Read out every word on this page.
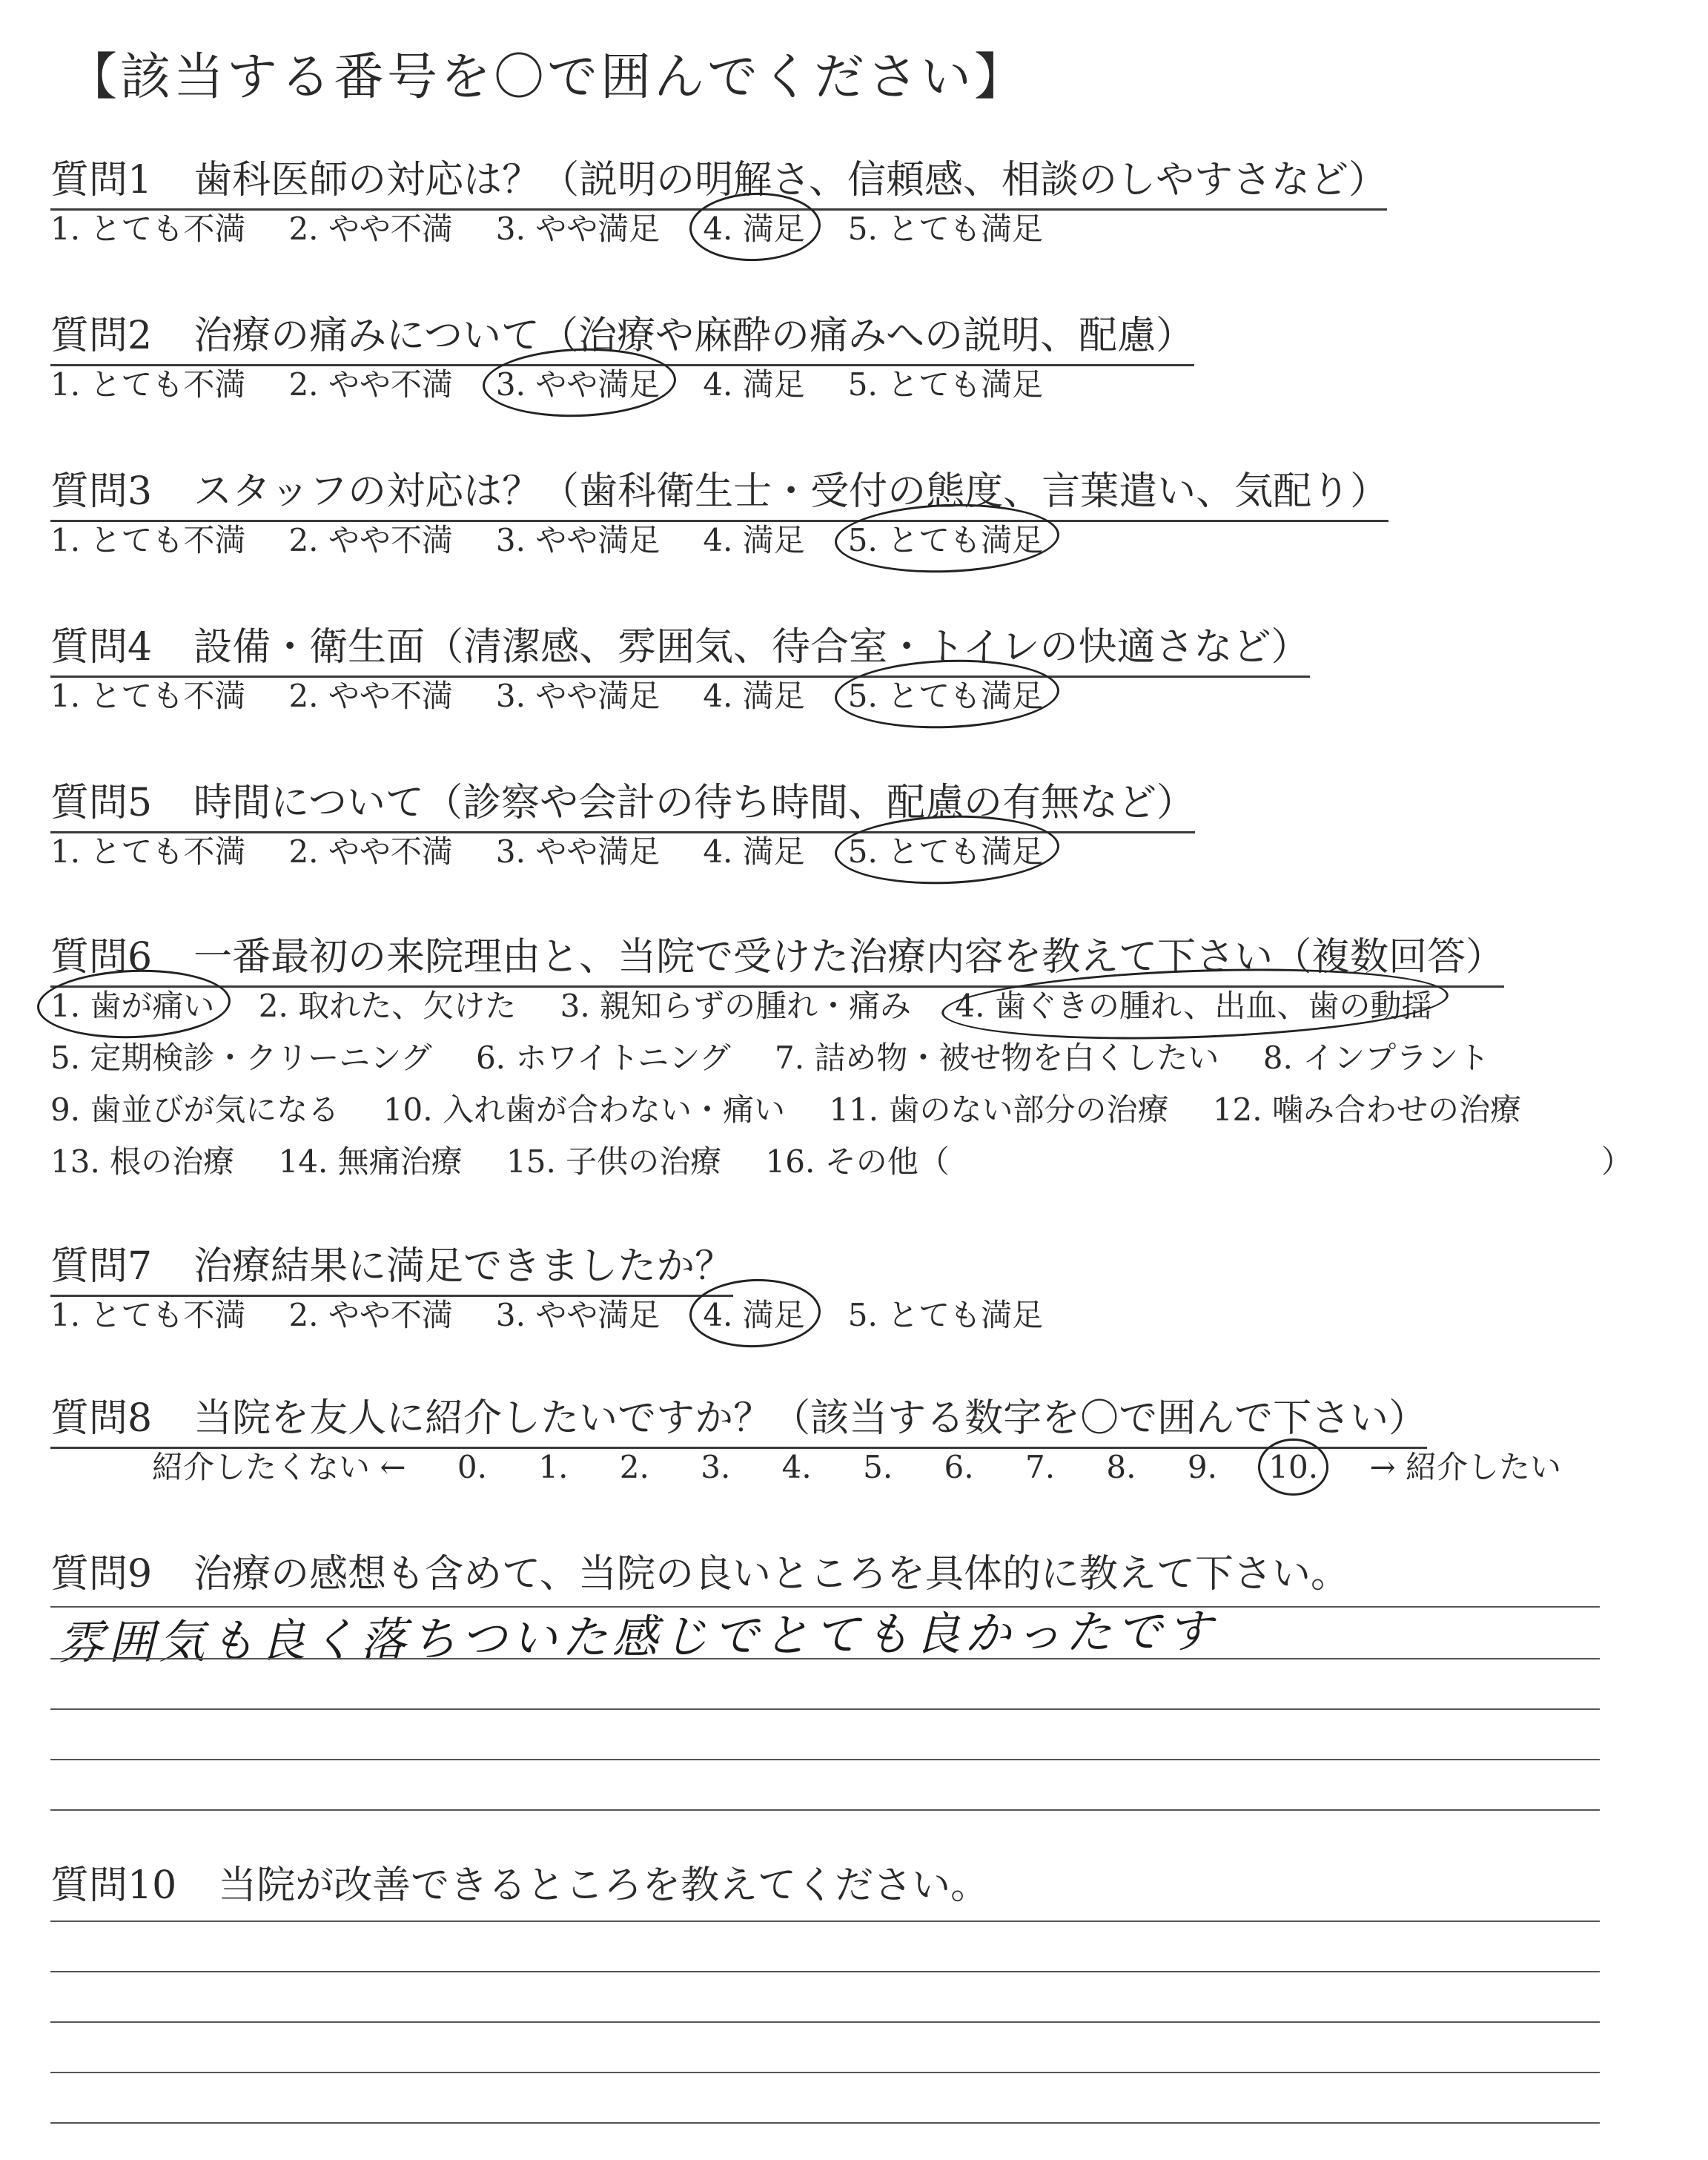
【該当する番号を〇で囲んでください】
質問1 歯科医師の対応は？（説明の明解さ、信頼感、相談のしやすさなど）
1. とても不満 2. やや不満 3. やや満足 4. 満足 5. とても満足
質問2 治療の痛みについて（治療や麻酔の痛みへの説明、配慮）
1. とても不満 2. やや不満 3. やや満足 4. 満足 5. とても満足
質問3 スタッフの対応は？（歯科衛生士・受付の態度、言葉遣い、気配り）
1. とても不満 2. やや不満 3. やや満足 4. 満足 5. とても満足
質問4 設備・衛生面（清潔感、雰囲気、待合室・トイレの快適さなど）
1. とても不満 2. やや不満 3. やや満足 4. 満足 5. とても満足
質問5 時間について（診察や会計の待ち時間、配慮の有無など）
1. とても不満 2. やや不満 3. やや満足 4. 満足 5. とても満足
質問6 一番最初の来院理由と、当院で受けた治療内容を教えて下さい（複数回答）
1. 歯が痛い 2. 取れた、欠けた 3. 親知らずの腫れ・痛み 4. 歯ぐきの腫れ、出血、歯の動揺
5. 定期検診・クリーニング 6. ホワイトニング 7. 詰め物・被せ物を白くしたい 8. インプラント
9. 歯並びが気になる 10. 入れ歯が合わない・痛い 11. 歯のない部分の治療 12. 噛み合わせの治療
13. 根の治療 14. 無痛治療 15. 子供の治療 16. その他（	）
質問7 治療結果に満足できましたか？
1. とても不満 2. やや不満 3. やや満足 4. 満足 5. とても満足
質問8 当院を友人に紹介したいですか？（該当する数字を〇で囲んで下さい）
紹介したくない ← 0. 1. 2. 3. 4. 5. 6. 7. 8. 9. 10. → 紹介したい
質問9 治療の感想も含めて、当院の良いところを具体的に教えて下さい。
雰囲気も良く落ちついた感じでとても良かったです
質問10 当院が改善できるところを教えてください。
